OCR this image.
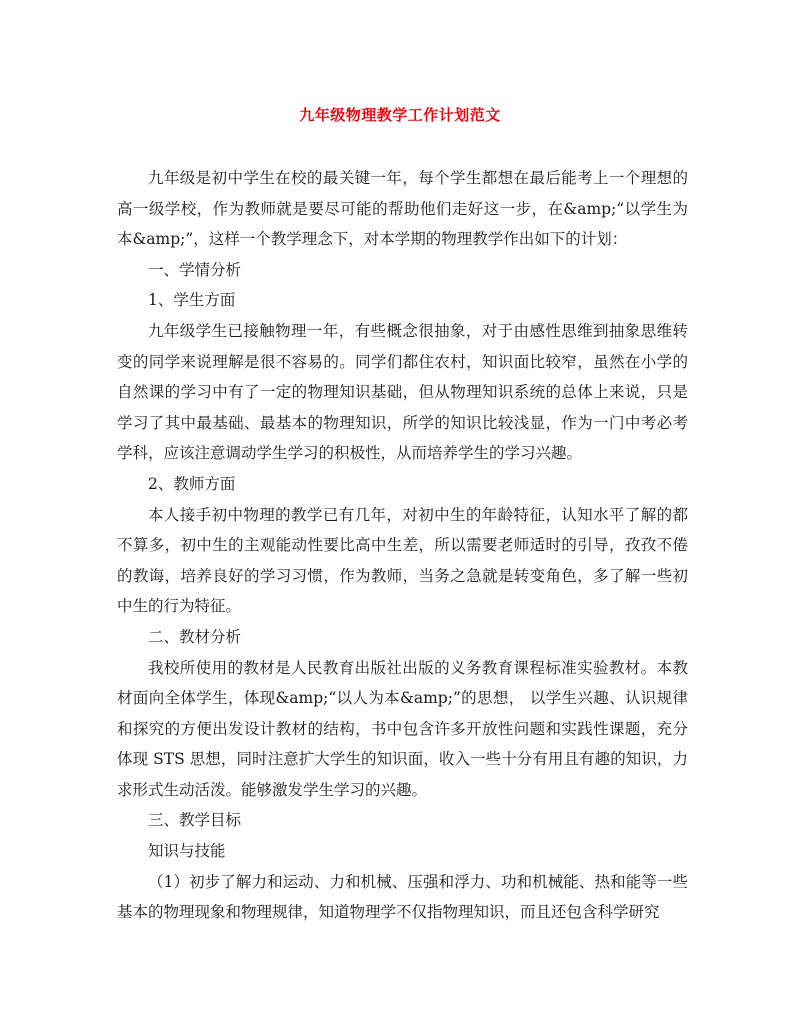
九年级物理教学工作计划范文

九年级是初中学生在校的最关键一年，每个学生都想在最后能考上一个理想的高一级学校，作为教师就是要尽可能的帮助他们走好这一步，在&amp;“以学生为本&amp;”，这样一个教学理念下，对本学期的物理教学作出如下的计划：

一、学情分析

1、学生方面

九年级学生已接触物理一年，有些概念很抽象，对于由感性思维到抽象思维转变的同学来说理解是很不容易的。同学们都住农村，知识面比较窄，虽然在小学的自然课的学习中有了一定的物理知识基础，但从物理知识系统的总体上来说，只是学习了其中最基础、最基本的物理知识，所学的知识比较浅显，作为一门中考必考学科，应该注意调动学生学习的积极性，从而培养学生的学习兴趣。

2、教师方面

本人接手初中物理的教学已有几年，对初中生的年龄特征，认知水平了解的都不算多，初中生的主观能动性要比高中生差，所以需要老师适时的引导，孜孜不倦的教诲，培养良好的学习习惯，作为教师，当务之急就是转变角色，多了解一些初中生的行为特征。

二、教材分析

我校所使用的教材是人民教育出版社出版的义务教育课程标准实验教材。本教材面向全体学生，体现&amp;“以人为本&amp;”的思想， 以学生兴趣、认识规律和探究的方便出发设计教材的结构，书中包含许多开放性问题和实践性课题，充分体现 STS 思想，同时注意扩大学生的知识面，收入一些十分有用且有趣的知识，力求形式生动活泼。能够激发学生学习的兴趣。

三、教学目标

知识与技能

（1）初步了解力和运动、力和机械、压强和浮力、功和机械能、热和能等一些基本的物理现象和物理规律，知道物理学不仅指物理知识，而且还包含科学研究
